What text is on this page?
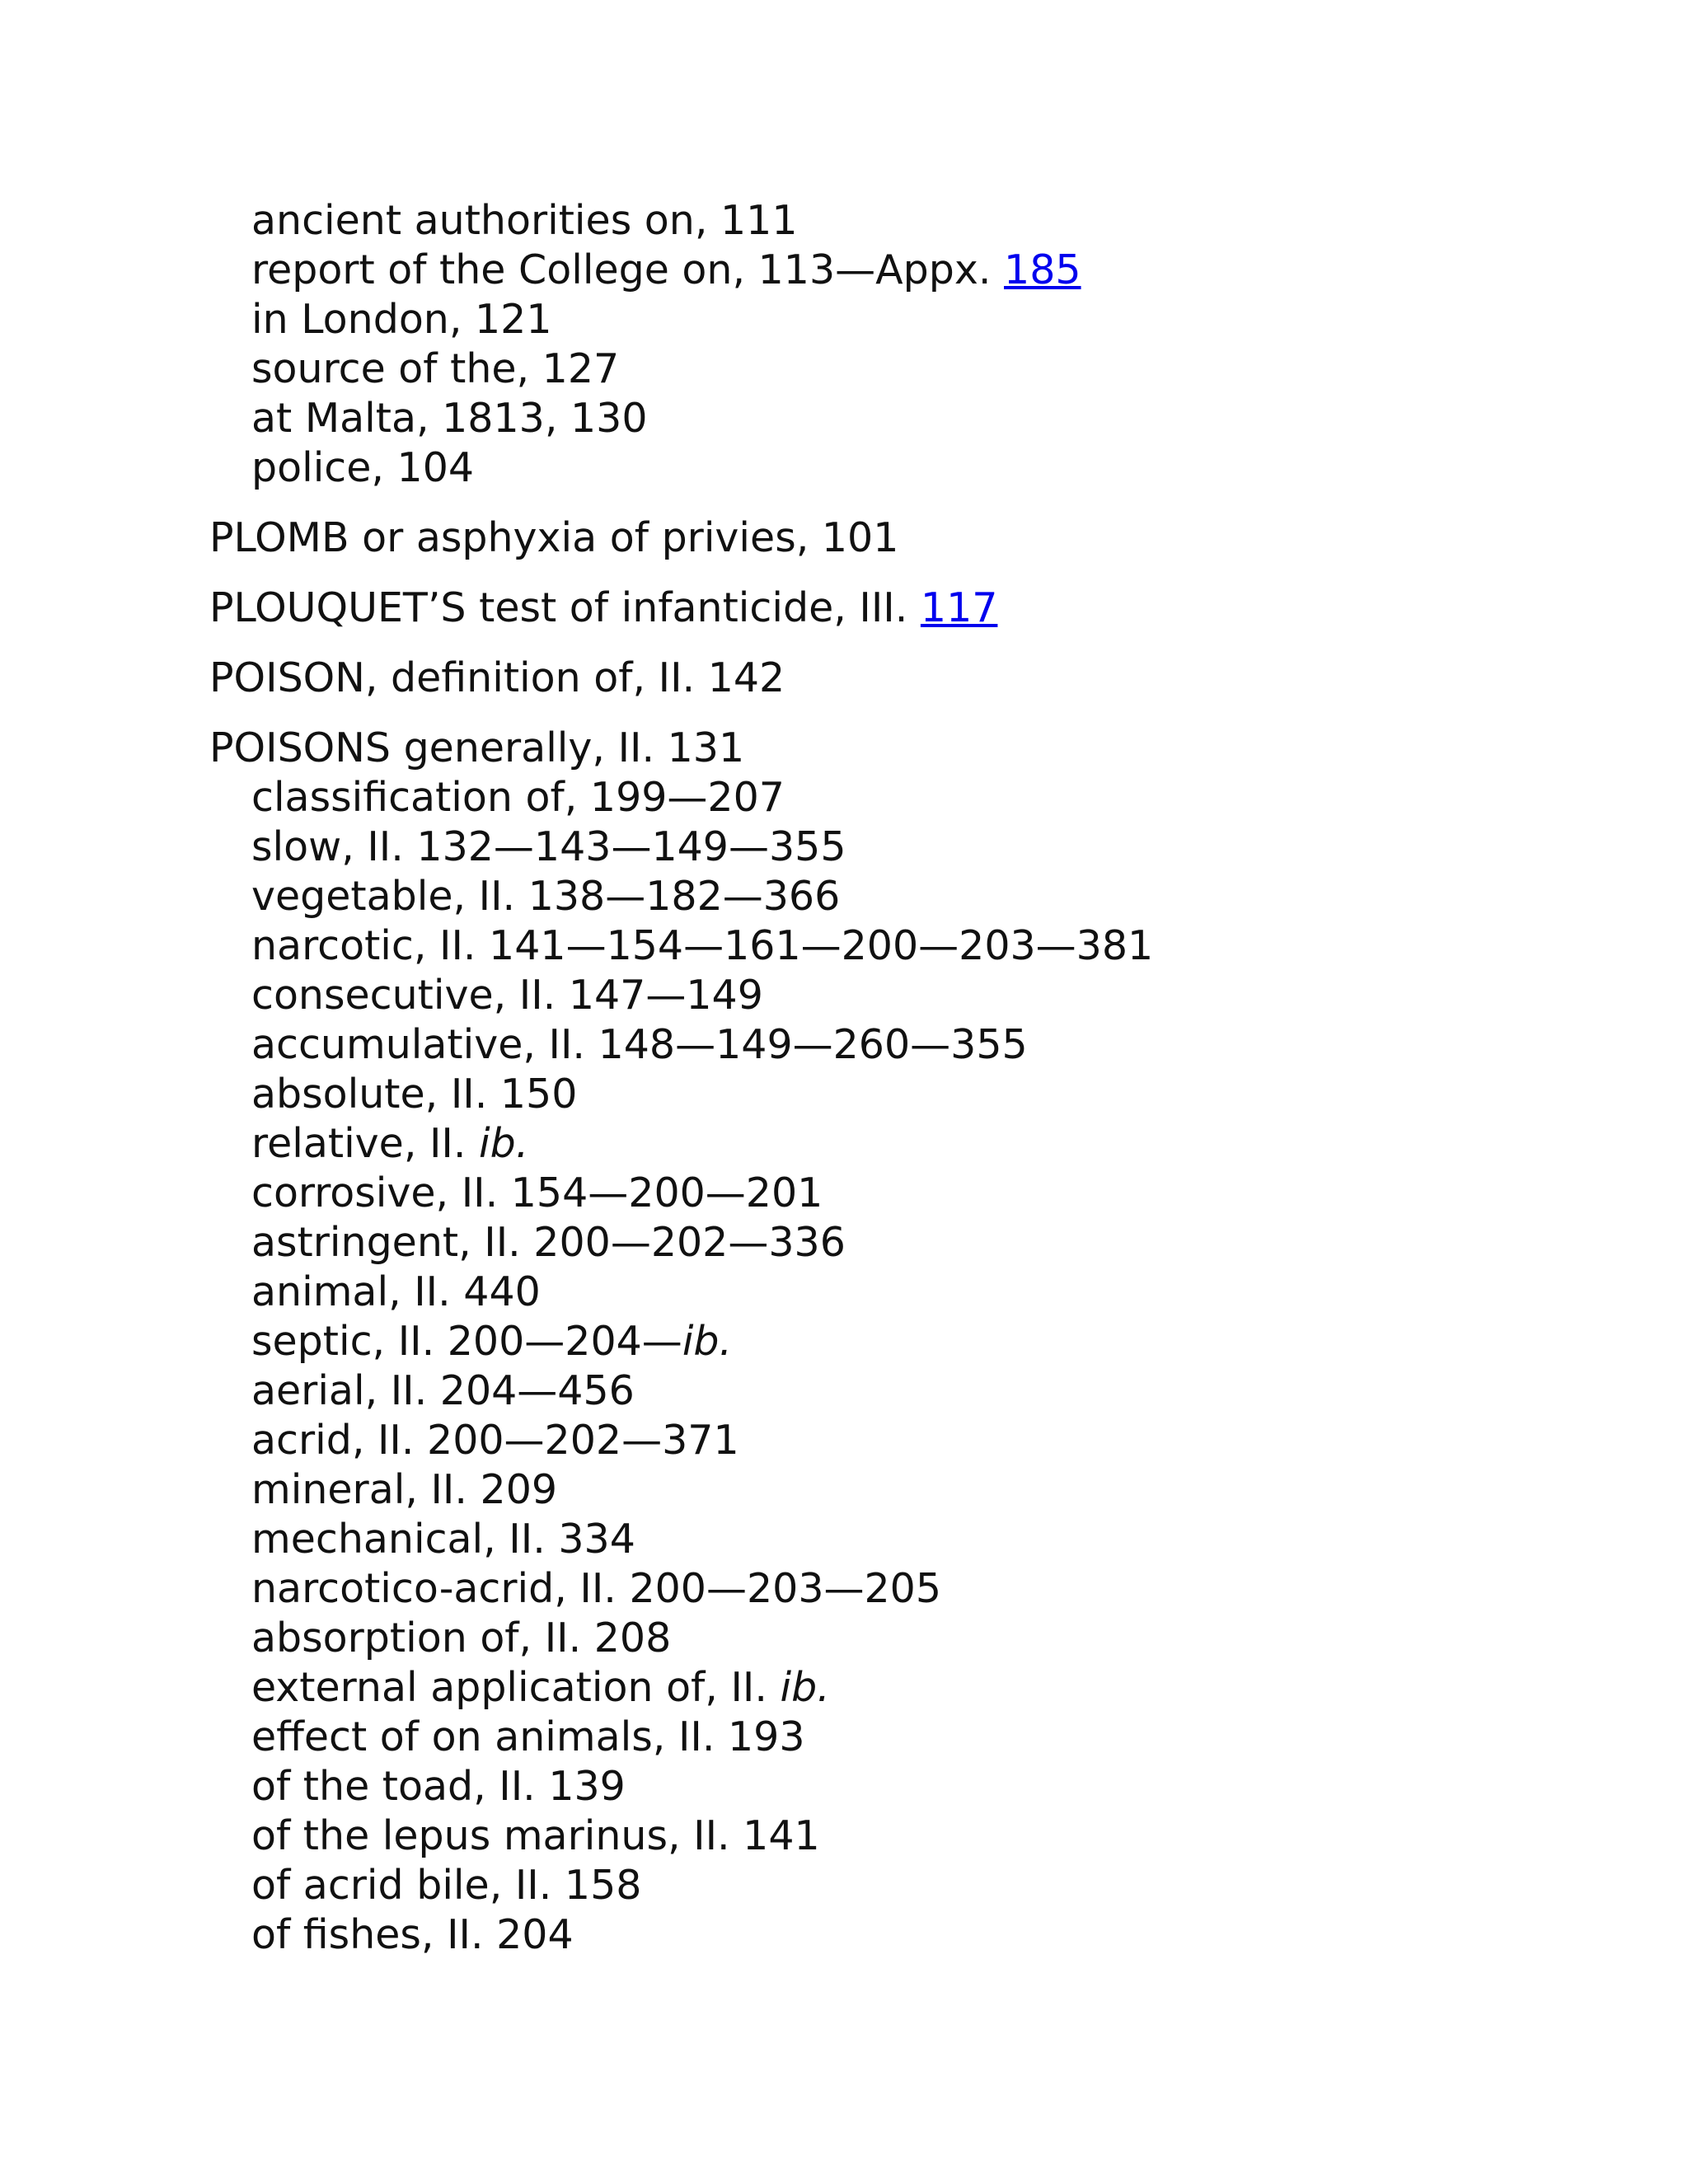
ancient authorities on, 111
report of the College on, 113—Appx. 185
in London, 121
source of the, 127
at Malta, 1813, 130
police, 104
PLOMB or asphyxia of privies, 101
PLOUQUET’S test of infanticide, III. 117
POISON, definition of, II. 142
POISONS generally, II. 131
classification of, 199—207
slow, II. 132—143—149—355
vegetable, II. 138—182—366
narcotic, II. 141—154—161—200—203—381
consecutive, II. 147—149
accumulative, II. 148—149—260—355
absolute, II. 150
relative, II. ib.
corrosive, II. 154—200—201
astringent, II. 200—202—336
animal, II. 440
septic, II. 200—204—ib.
aerial, II. 204—456
acrid, II. 200—202—371
mineral, II. 209
mechanical, II. 334
narcotico-acrid, II. 200—203—205
absorption of, II. 208
external application of, II. ib.
effect of on animals, II. 193
of the toad, II. 139
of the lepus marinus, II. 141
of acrid bile, II. 158
of fishes, II. 204
